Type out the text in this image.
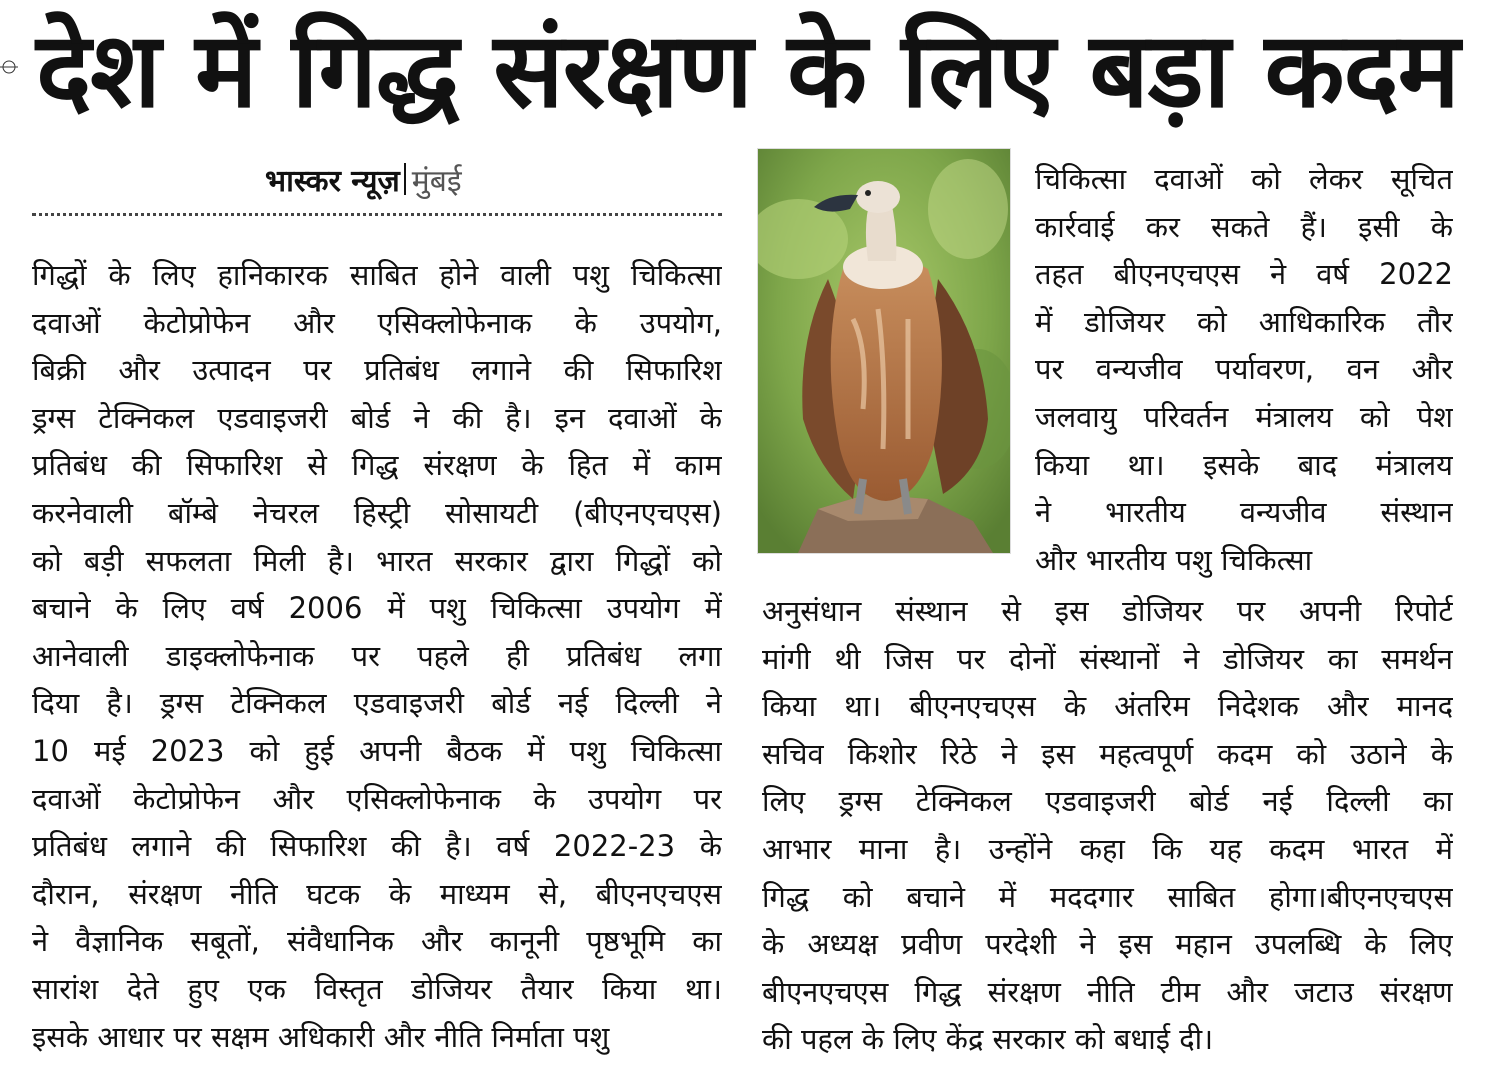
देश में गिद्ध संरक्षण के लिए बड़ा कदम
भास्कर न्यूज़ मुंबई
गिद्धों के लिए हानिकारक साबित होने वाली पशु चिकित्सा
दवाओं केटोप्रोफेन और एसिक्लोफेनाक के उपयोग,
बिक्री और उत्पादन पर प्रतिबंध लगाने की सिफारिश
ड्रग्स टेक्निकल एडवाइजरी बोर्ड ने की है। इन दवाओं के
प्रतिबंध की सिफारिश से गिद्ध संरक्षण के हित में काम
करनेवाली बॉम्बे नेचरल हिस्ट्री सोसायटी (बीएनएचएस)
को बड़ी सफलता मिली है। भारत सरकार द्वारा गिद्धों को
बचाने के लिए वर्ष 2006 में पशु चिकित्सा उपयोग में
आनेवाली डाइक्लोफेनाक पर पहले ही प्रतिबंध लगा
दिया है। ड्रग्स टेक्निकल एडवाइजरी बोर्ड नई दिल्ली ने
10 मई 2023 को हुई अपनी बैठक में पशु चिकित्सा
दवाओं केटोप्रोफेन और एसिक्लोफेनाक के उपयोग पर
प्रतिबंध लगाने की सिफारिश की है। वर्ष 2022-23 के
दौरान, संरक्षण नीति घटक के माध्यम से, बीएनएचएस
ने वैज्ञानिक सबूतों, संवैधानिक और कानूनी पृष्ठभूमि का
सारांश देते हुए एक विस्तृत डोजियर तैयार किया था।
इसके आधार पर सक्षम अधिकारी और नीति निर्माता पशु
चिकित्सा दवाओं को लेकर सूचित
कार्रवाई कर सकते हैं। इसी के
तहत बीएनएचएस ने वर्ष 2022
में डोजियर को आधिकारिक तौर
पर वन्यजीव पर्यावरण, वन और
जलवायु परिवर्तन मंत्रालय को पेश
किया था। इसके बाद मंत्रालय
ने भारतीय वन्यजीव संस्थान
और भारतीय पशु चिकित्सा
अनुसंधान संस्थान से इस डोजियर पर अपनी रिपोर्ट
मांगी थी जिस पर दोनों संस्थानों ने डोजियर का समर्थन
किया था। बीएनएचएस के अंतरिम निदेशक और मानद
सचिव किशोर रिठे ने इस महत्वपूर्ण कदम को उठाने के
लिए ड्रग्स टेक्निकल एडवाइजरी बोर्ड नई दिल्ली का
आभार माना है। उन्होंने कहा कि यह कदम भारत में
गिद्ध को बचाने में मददगार साबित होगा।बीएनएचएस
के अध्यक्ष प्रवीण परदेशी ने इस महान उपलब्धि के लिए
बीएनएचएस गिद्ध संरक्षण नीति टीम और जटाउ संरक्षण
की पहल के लिए केंद्र सरकार को बधाई दी।
